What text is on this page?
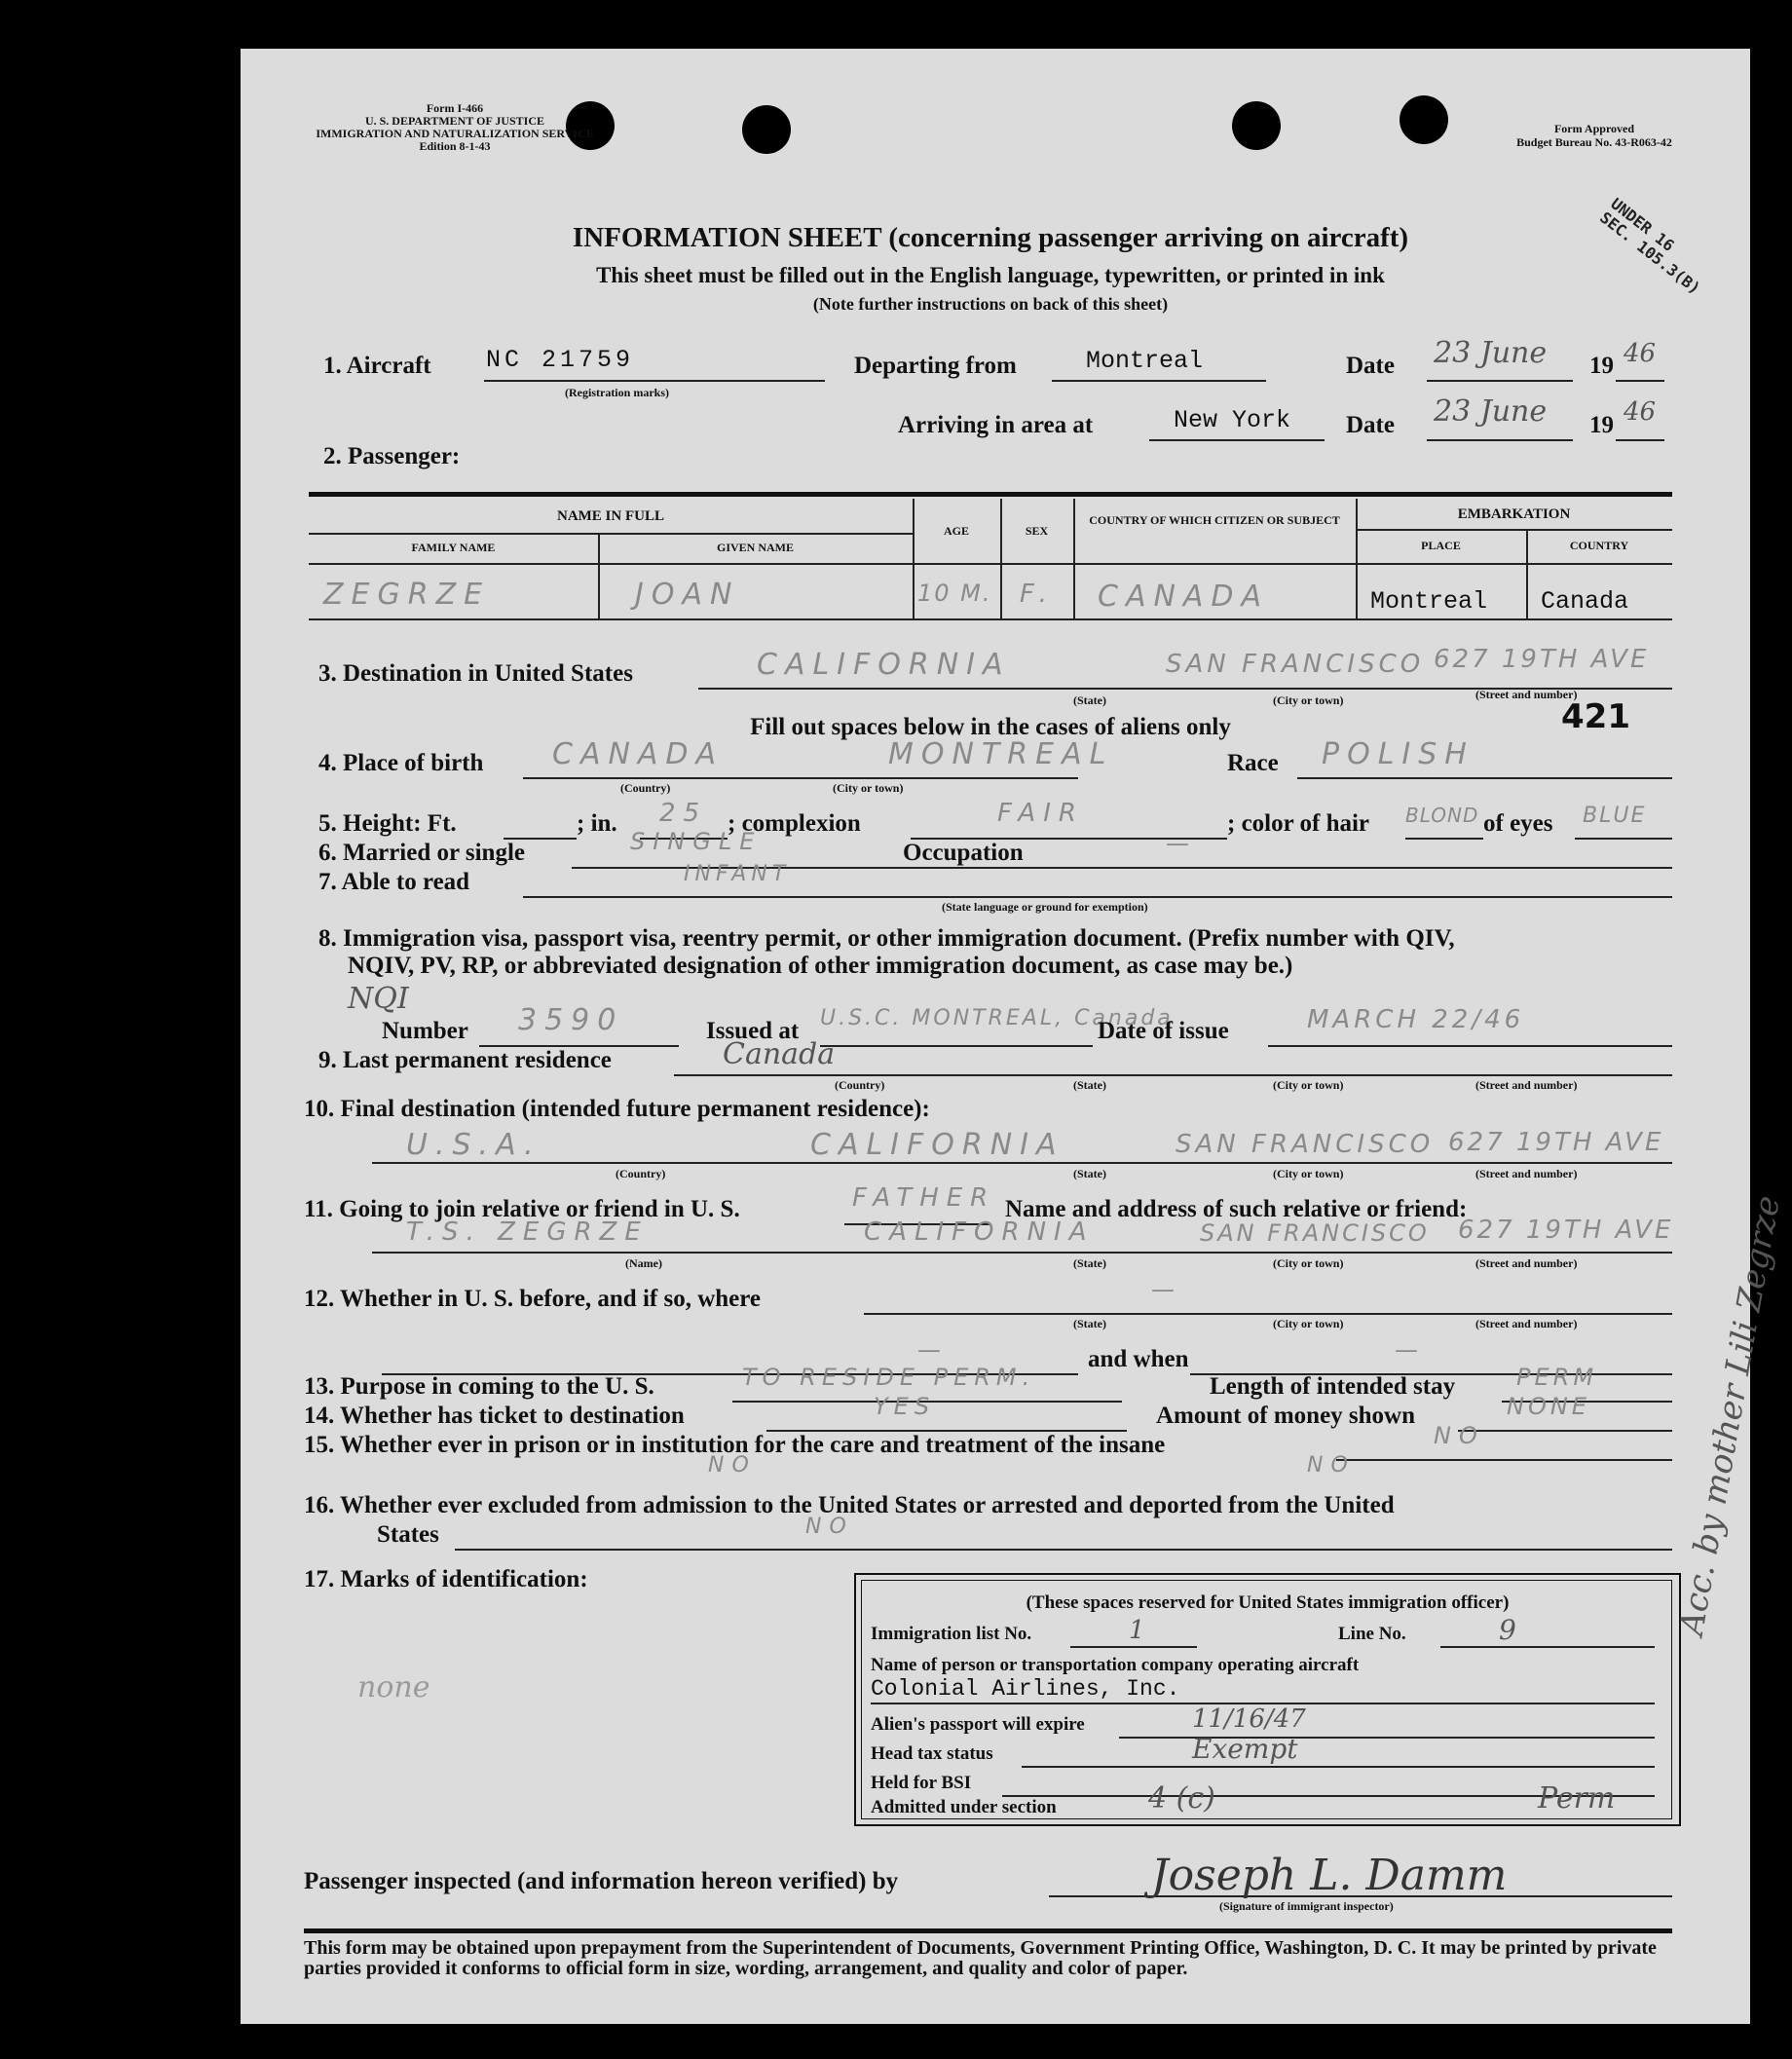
Form I-466
U. S. DEPARTMENT OF JUSTICE
IMMIGRATION AND NATURALIZATION SERVICE
Edition 8-1-43
Form Approved
Budget Bureau No. 43-R063-42
INFORMATION SHEET (concerning passenger arriving on aircraft)
This sheet must be filled out in the English language, typewritten, or printed in ink
(Note further instructions on back of this sheet)
UNDER 16
SEC. 105.3(B)
1. Aircraft NC 21759
(Registration marks)
Departing from	Montreal	Date 23 June 19 46
Arriving in area at	New York Date 23 June 19 46
2. Passenger:
NAME IN FULL
FAMILY NAME	GIVEN NAME
AGE	SEX
COUNTRY OF WHICH CITIZEN OR SUBJECT	EMBARKATION
PLACE	COUNTRY
ZEGRZE	JOAN	10 M. F. CANADA	Montreal Canada
3. Destination in United States	CALIFORNIA	SAN FRANCISCO 627 19TH AVE
(State)	(City or town)	(Street and number)
421
Fill out spaces below in the cases of aliens only
4. Place of birth CANADA	MONTREAL
(Country)	(City or town)
Race POLISH
5. Height: Ft.	; in. 25 ; complexion	FAIR	; color of hair BLOND of eyes BLUE
6. Married or single	SINGLE	Occupation	—
7. Able to read	INFANT
(State language or ground for exemption)
8. Immigration visa, passport visa, reentry permit, or other immigration document. (Prefix number with QIV,
NQIV, PV, RP, or abbreviated designation of other immigration document, as case may be.)
NQI
Number 3590	Issued at U.S.C. MONTREAL, Canada
Date of issue	MARCH 22/46
9. Last permanent residence	Canada
(Country)	(State)	(City or town)	(Street and number)
10. Final destination (intended future permanent residence):
U.S.A.	CALIFORNIA	SAN FRANCISCO 627 19TH AVE
(Country)	(State)	(City or town)	(Street and number)
11. Going to join relative or friend in U. S.	FATHER Name and address of such relative or friend:
T.S. ZEGRZE	CALIFORNIA	SAN FRANCISCO 627 19TH AVE
(Name)	(State)	(City or town)	(Street and number)
12. Whether in U. S. before, and if so, where	—
(State)	(City or town)	(Street and number)
—	and when	—
13. Purpose in coming to the U. S.	TO RESIDE PERM.	Length of intended stay	PERM
14. Whether has ticket to destination	YES	Amount of money shown	NONE
15. Whether ever in prison or in institution for the care and treatment of the insane	NO
NO	NO
16. Whether ever excluded from admission to the United States or arrested and deported from the United
States	NO
17. Marks of identification:
none
(These spaces reserved for United States immigration officer)
Immigration list No.	1	Line No.	9
Name of person or transportation company operating aircraft
Colonial Airlines, Inc.
Alien's passport will expire	11/16/47
Head tax status	Exempt
Held for BSI
Admitted under section	4 (c)	Perm
Acc. by mother Lili Zegrze
Passenger inspected (and information hereon verified) by	Joseph L. Damm
(Signature of immigrant inspector)
This form may be obtained upon prepayment from the Superintendent of Documents, Government Printing Office, Washington, D. C. It may be printed by private parties provided it conforms to official form in size, wording, arrangement, and quality and color of paper.
